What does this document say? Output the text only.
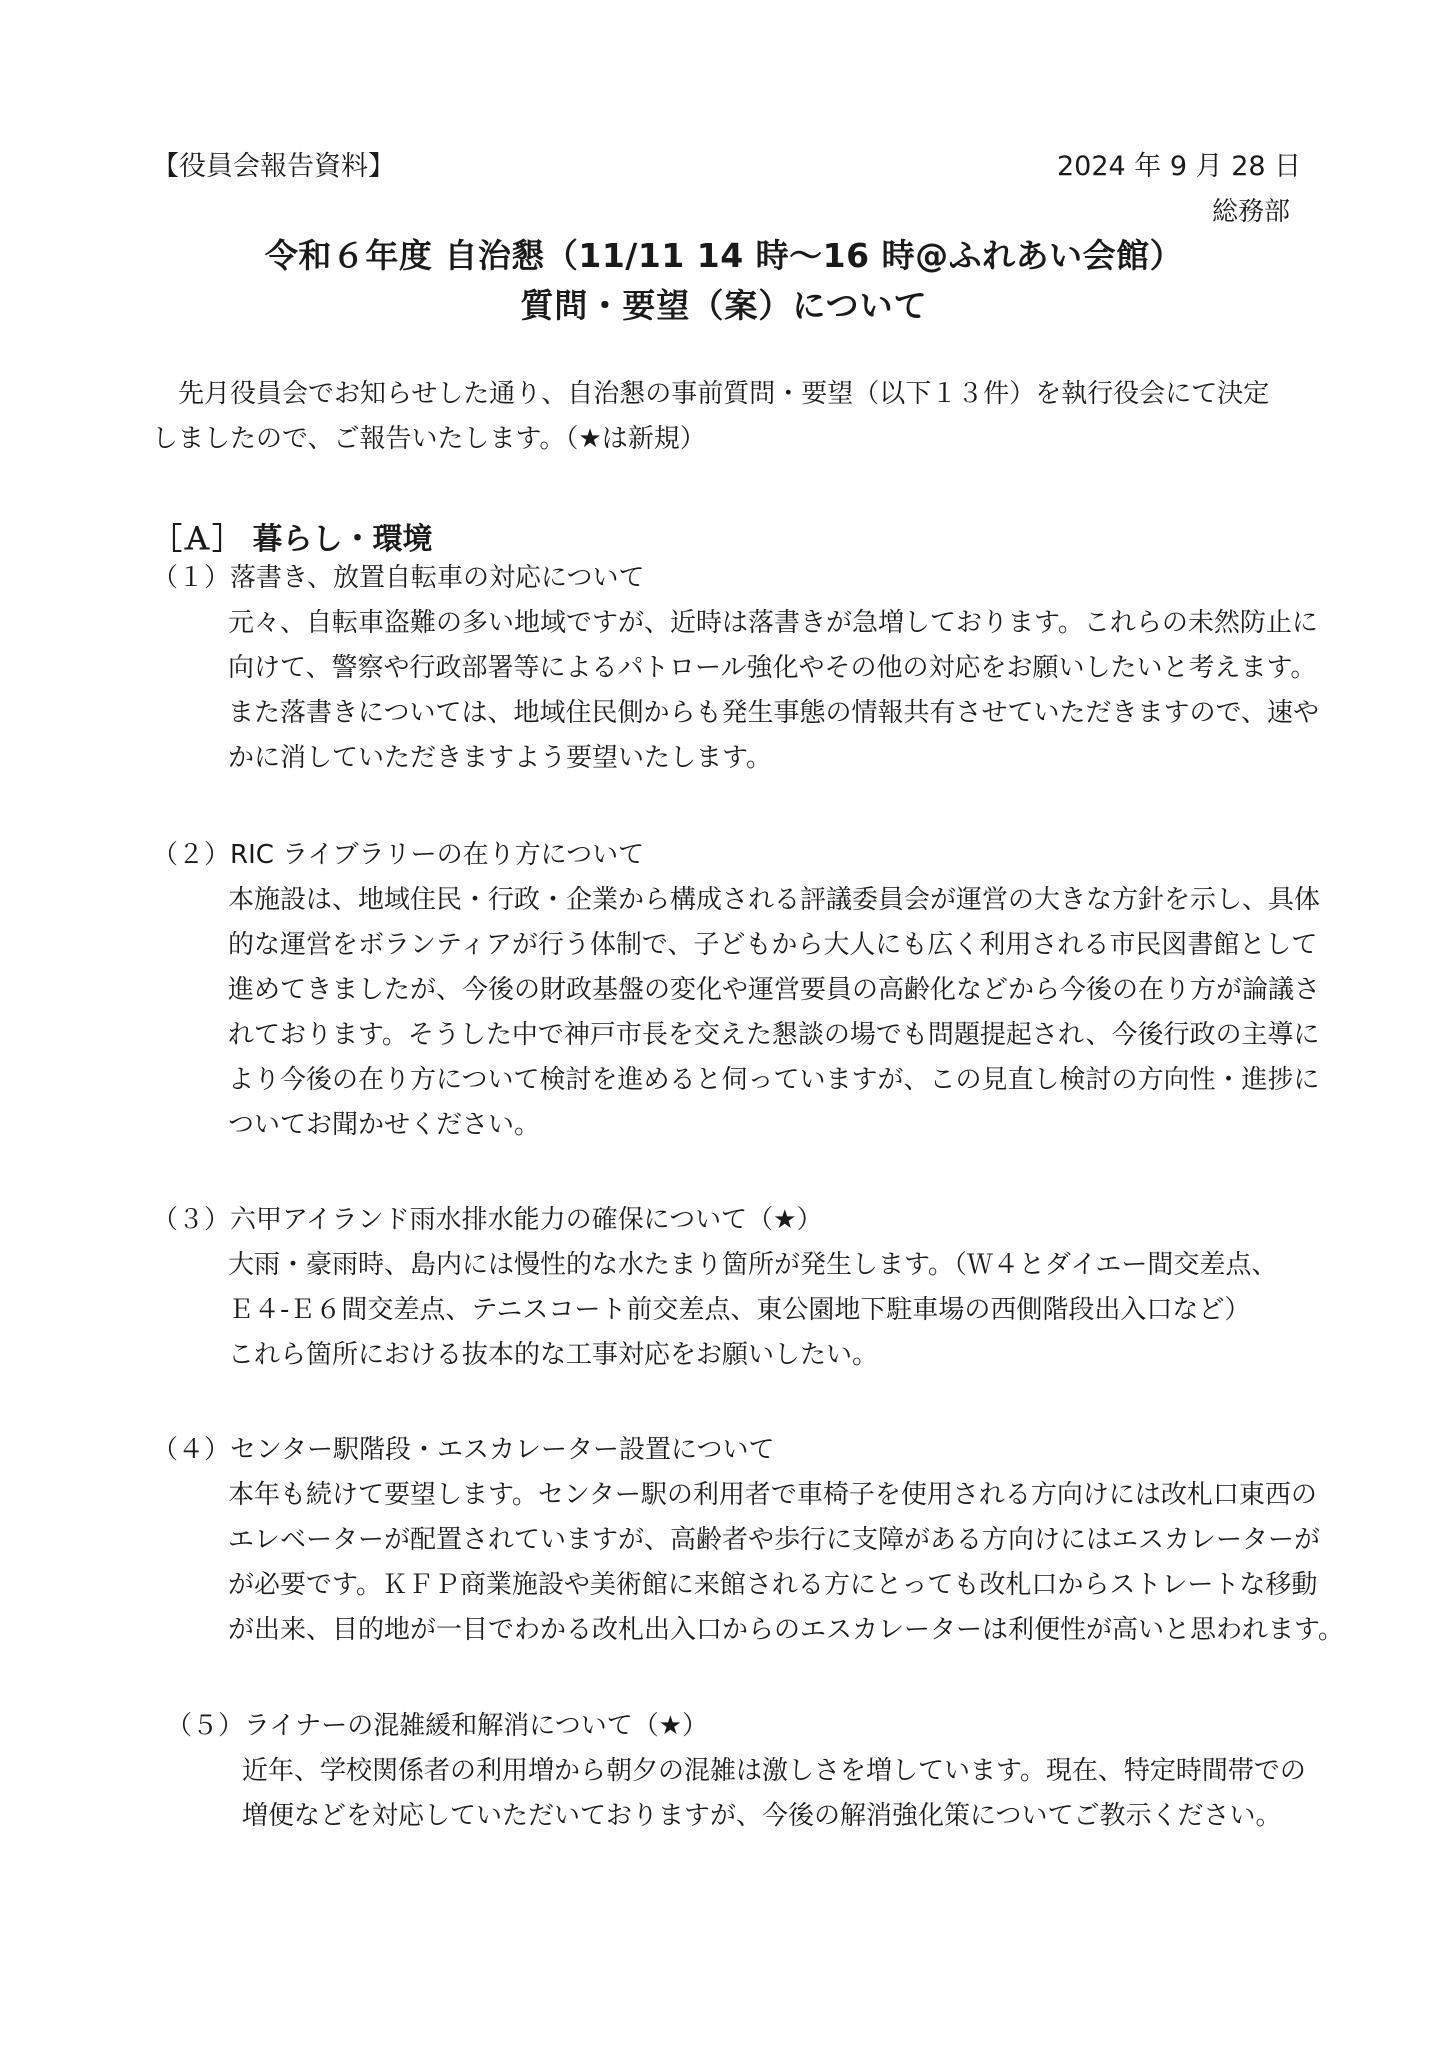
【役員会報告資料】	2024 年 9 月 28 日
総務部
令和６年度 自治懇（11/11 14 時～16 時@ふれあい会館）
質問・要望（案）について
　先月役員会でお知らせした通り、自治懇の事前質問・要望（以下１３件）を執行役会にて決定
しましたので、ご報告いたします。（★は新規）
［Ａ］ 暮らし・環境
（１）落書き、放置自転車の対応について
元々、自転車盗難の多い地域ですが、近時は落書きが急増しております。これらの未然防止に
向けて、警察や行政部署等によるパトロール強化やその他の対応をお願いしたいと考えます。
また落書きについては、地域住民側からも発生事態の情報共有させていただきますので、速や
かに消していただきますよう要望いたします。
（２）RIC ライブラリーの在り方について
本施設は、地域住民・行政・企業から構成される評議委員会が運営の大きな方針を示し、具体
的な運営をボランティアが行う体制で、子どもから大人にも広く利用される市民図書館として
進めてきましたが、今後の財政基盤の変化や運営要員の高齢化などから今後の在り方が論議さ
れております。そうした中で神戸市長を交えた懇談の場でも問題提起され、今後行政の主導に
より今後の在り方について検討を進めると伺っていますが、この見直し検討の方向性・進捗に
ついてお聞かせください。
（３）六甲アイランド雨水排水能力の確保について（★）
大雨・豪雨時、島内には慢性的な水たまり箇所が発生します。（Ｗ４とダイエー間交差点、
Ｅ４-Ｅ６間交差点、テニスコート前交差点、東公園地下駐車場の西側階段出入口など）
これら箇所における抜本的な工事対応をお願いしたい。
（４）センター駅階段・エスカレーター設置について
本年も続けて要望します。センター駅の利用者で車椅子を使用される方向けには改札口東西の
エレベーターが配置されていますが、高齢者や歩行に支障がある方向けにはエスカレーターが
が必要です。ＫＦＰ商業施設や美術館に来館される方にとっても改札口からストレートな移動
が出来、目的地が一目でわかる改札出入口からのエスカレーターは利便性が高いと思われます。
（５）ライナーの混雑緩和解消について（★）
近年、学校関係者の利用増から朝夕の混雑は激しさを増しています。現在、特定時間帯での
増便などを対応していただいておりますが、今後の解消強化策についてご教示ください。
